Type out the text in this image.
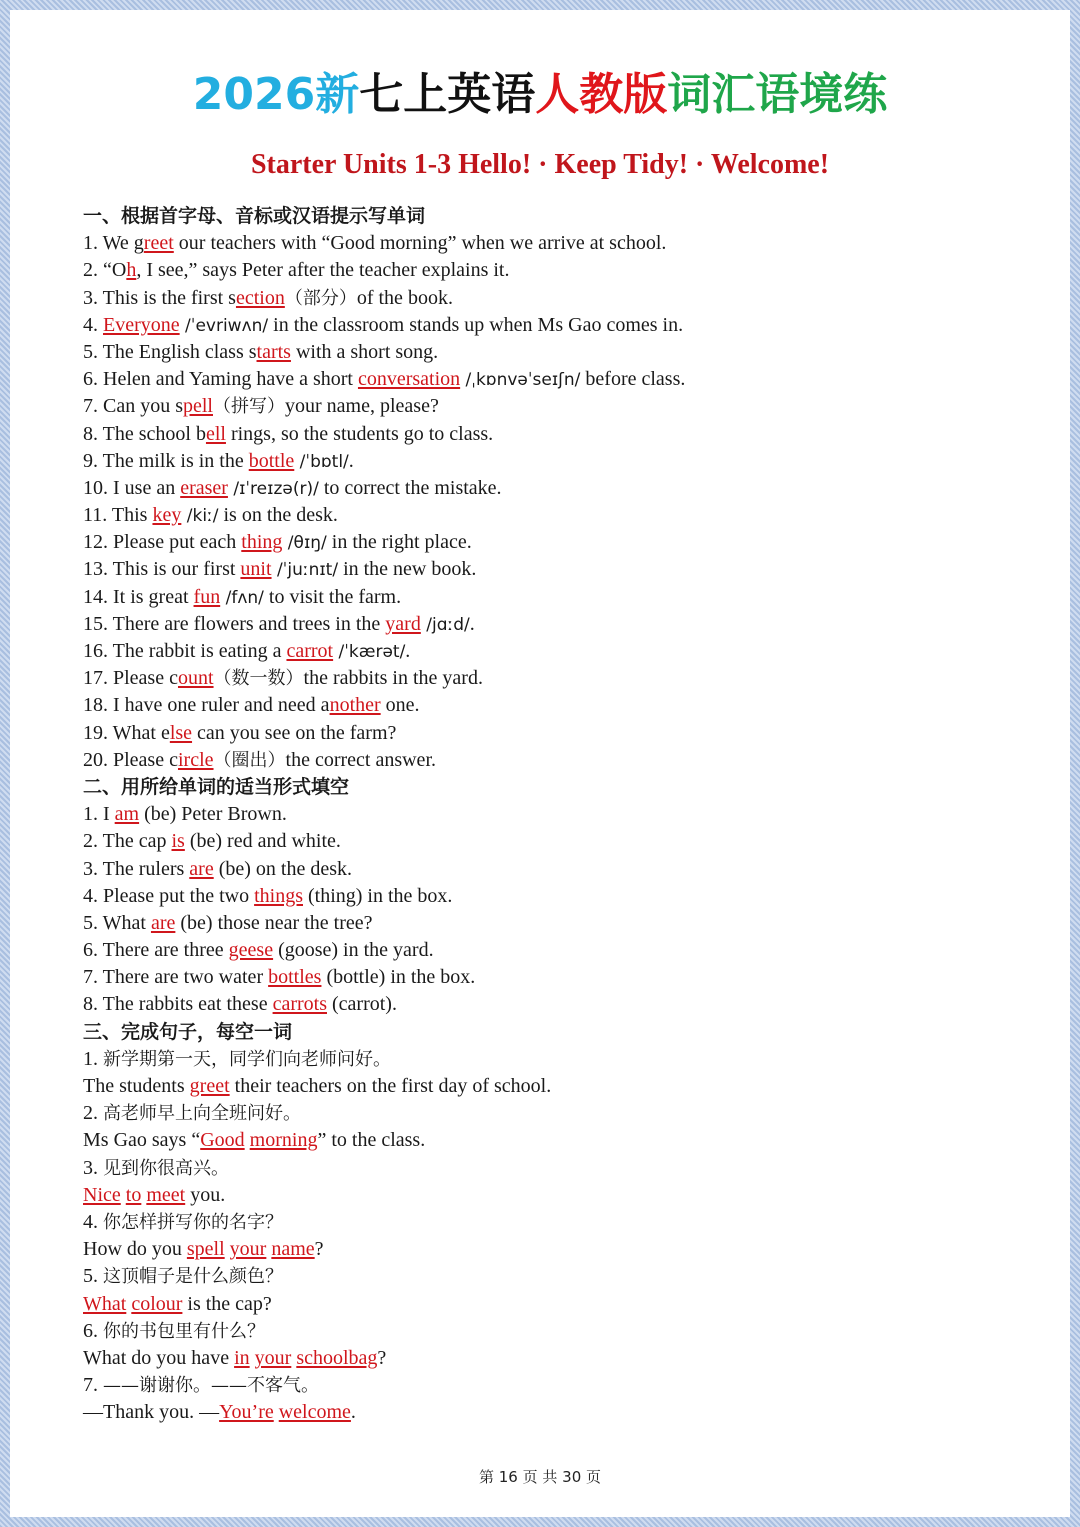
2026新七上英语人教版词汇语境练
Starter Units 1-3 Hello! · Keep Tidy! · Welcome!
一、根据首字母、音标或汉语提示写单词
1. We greet our teachers with “Good morning” when we arrive at school.
2. “Oh, I see,” says Peter after the teacher explains it.
3. This is the first section（部分）of the book.
4. Everyone /ˈevriwʌn/ in the classroom stands up when Ms Gao comes in.
5. The English class starts with a short song.
6. Helen and Yaming have a short conversation /ˌkɒnvəˈseɪʃn/ before class.
7. Can you spell（拼写）your name, please?
8. The school bell rings, so the students go to class.
9. The milk is in the bottle /ˈbɒtl/.
10. I use an eraser /ɪˈreɪzə(r)/ to correct the mistake.
11. This key /kiː/ is on the desk.
12. Please put each thing /θɪŋ/ in the right place.
13. This is our first unit /ˈjuːnɪt/ in the new book.
14. It is great fun /fʌn/ to visit the farm.
15. There are flowers and trees in the yard /jɑːd/.
16. The rabbit is eating a carrot /ˈkærət/.
17. Please count（数一数）the rabbits in the yard.
18. I have one ruler and need another one.
19. What else can you see on the farm?
20. Please circle（圈出）the correct answer.
二、用所给单词的适当形式填空
1. I am (be) Peter Brown.
2. The cap is (be) red and white.
3. The rulers are (be) on the desk.
4. Please put the two things (thing) in the box.
5. What are (be) those near the tree?
6. There are three geese (goose) in the yard.
7. There are two water bottles (bottle) in the box.
8. The rabbits eat these carrots (carrot).
三、完成句子，每空一词
1. 新学期第一天，同学们向老师问好。
The students greet their teachers on the first day of school.
2. 高老师早上向全班问好。
Ms Gao says “Good morning” to the class.
3. 见到你很高兴。
Nice to meet you.
4. 你怎样拼写你的名字？
How do you spell your name?
5. 这顶帽子是什么颜色？
What colour is the cap?
6. 你的书包里有什么？
What do you have in your schoolbag?
7. ——谢谢你。——不客气。
—Thank you. —You’re welcome.
第 16 页 共 30 页
